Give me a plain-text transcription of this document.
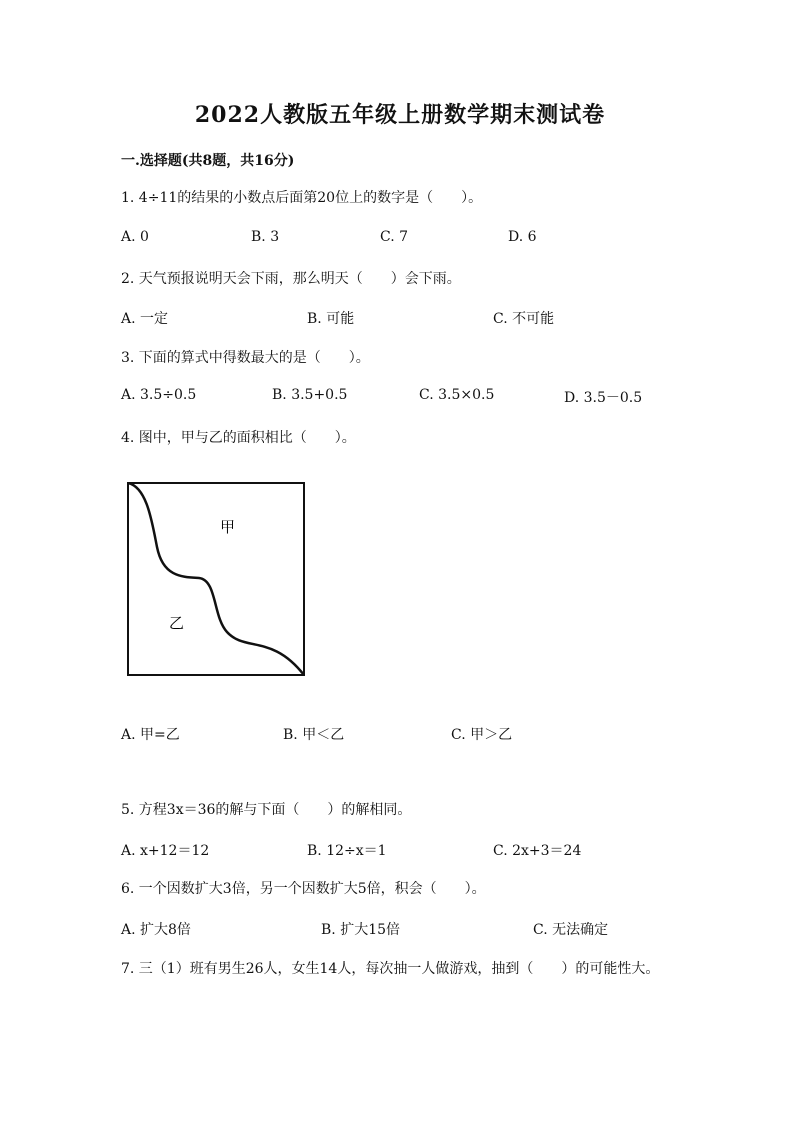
2022人教版五年级上册数学期末测试卷
一.选择题(共8题，共16分)
1. 4÷11的结果的小数点后面第20位上的数字是（　　）。
A. 0	B. 3	C. 7	D. 6
2. 天气预报说明天会下雨，那么明天（　　）会下雨。
A. 一定	B. 可能	C. 不可能
3. 下面的算式中得数最大的是（　　）。
A. 3.5÷0.5	B. 3.5+0.5	C. 3.5×0.5	D. 3.5－0.5
4. 图中，甲与乙的面积相比（　　）。
甲
乙
A. 甲=乙	B. 甲＜乙	C. 甲＞乙
5. 方程3x＝36的解与下面（　　）的解相同。
A. x+12＝12	B. 12÷x＝1	C. 2x+3＝24
6. 一个因数扩大3倍，另一个因数扩大5倍，积会（　　）。
A. 扩大8倍	B. 扩大15倍	C. 无法确定
7. 三（1）班有男生26人，女生14人，每次抽一人做游戏，抽到（　　）的可能性大。
